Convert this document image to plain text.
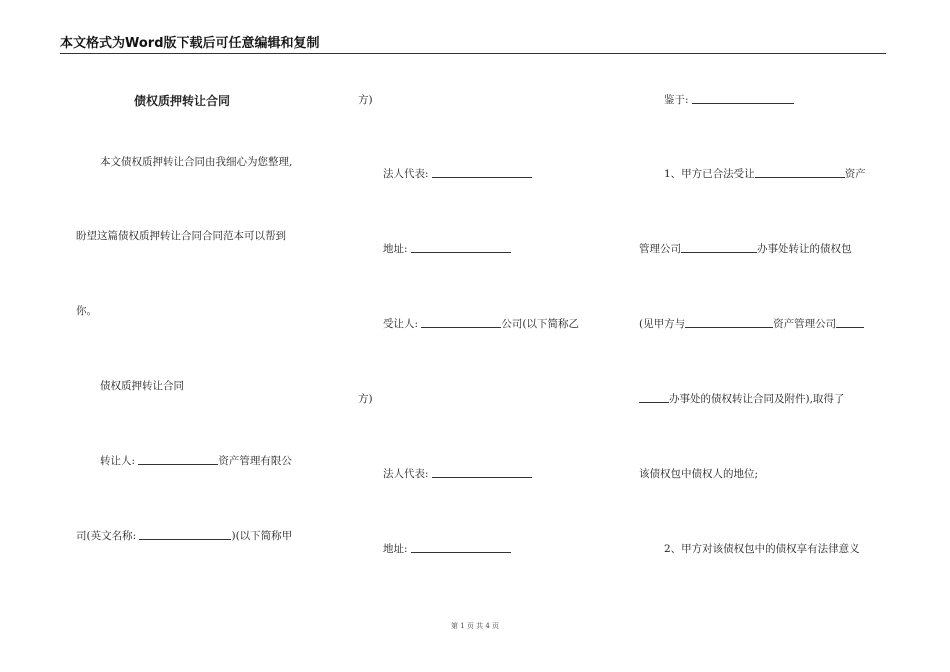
本文格式为Word版下载后可任意编辑和复制
债权质押转让合同
本文债权质押转让合同由我细心为您整理,
盼望这篇债权质押转让合同合同范本可以帮到
你。
债权质押转让合同
转让人:	资产管理有限公
司(英文名称:	)(以下简称甲
方)
法人代表:
地址:
受让人:	公司(以下简称乙
方)
法人代表:
地址:
鉴于:
1、甲方已合法受让	资产
管理公司	办事处转让的债权包
(见甲方与	资产管理公司
办事处的债权转让合同及附件),取得了
该债权包中债权人的地位;
2、甲方对该债权包中的债权享有法律意义
第 1 页 共 4 页
